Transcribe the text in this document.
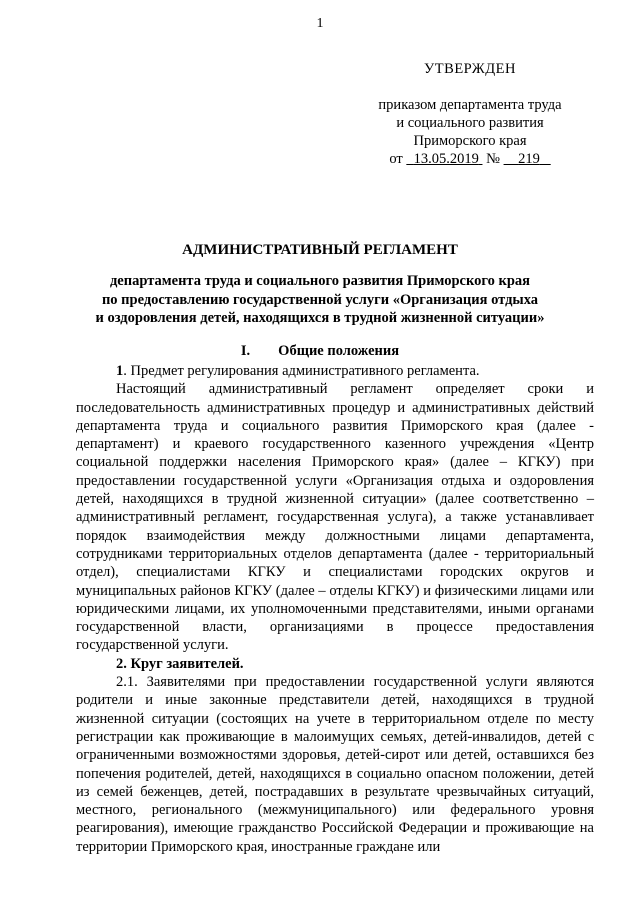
1
УТВЕРЖДЕН
приказом департамента труда
и социального развития
Приморского края
от 13.05.2019 № 219
АДМИНИСТРАТИВНЫЙ РЕГЛАМЕНТ
департамента труда и социального развития Приморского края
по предоставлению государственной услуги «Организация отдыха
и оздоровления детей, находящихся в трудной жизненной ситуации»
I. Общие положения

1. Предмет регулирования административного регламента.

Настоящий административный регламент определяет сроки и последовательность административных процедур и административных действий департамента труда и социального развития Приморского края (далее - департамент) и краевого государственного казенного учреждения «Центр социальной поддержки населения Приморского края» (далее – КГКУ) при предоставлении государственной услуги «Организация отдыха и оздоровления детей, находящихся в трудной жизненной ситуации» (далее соответственно – административный регламент, государственная услуга), а также устанавливает порядок взаимодействия между должностными лицами департамента, сотрудниками территориальных отделов департамента (далее - территориальный отдел), специалистами КГКУ и специалистами городских округов и муниципальных районов КГКУ (далее – отделы КГКУ) и физическими лицами или юридическими лицами, их уполномоченными представителями, иными органами государственной власти, организациями в процессе предоставления государственной услуги.

2. Круг заявителей.

2.1. Заявителями при предоставлении государственной услуги являются родители и иные законные представители детей, находящихся в трудной жизненной ситуации (состоящих на учете в территориальном отделе по месту регистрации как проживающие в малоимущих семьях, детей-инвалидов, детей с ограниченными возможностями здоровья, детей-сирот или детей, оставшихся без попечения родителей, детей, находящихся в социально опасном положении, детей из семей беженцев, детей, пострадавших в результате чрезвычайных ситуаций, местного, регионального (межмуниципального) или федерального уровня реагирования), имеющие гражданство Российской Федерации и проживающие на территории Приморского края, иностранные граждане или
